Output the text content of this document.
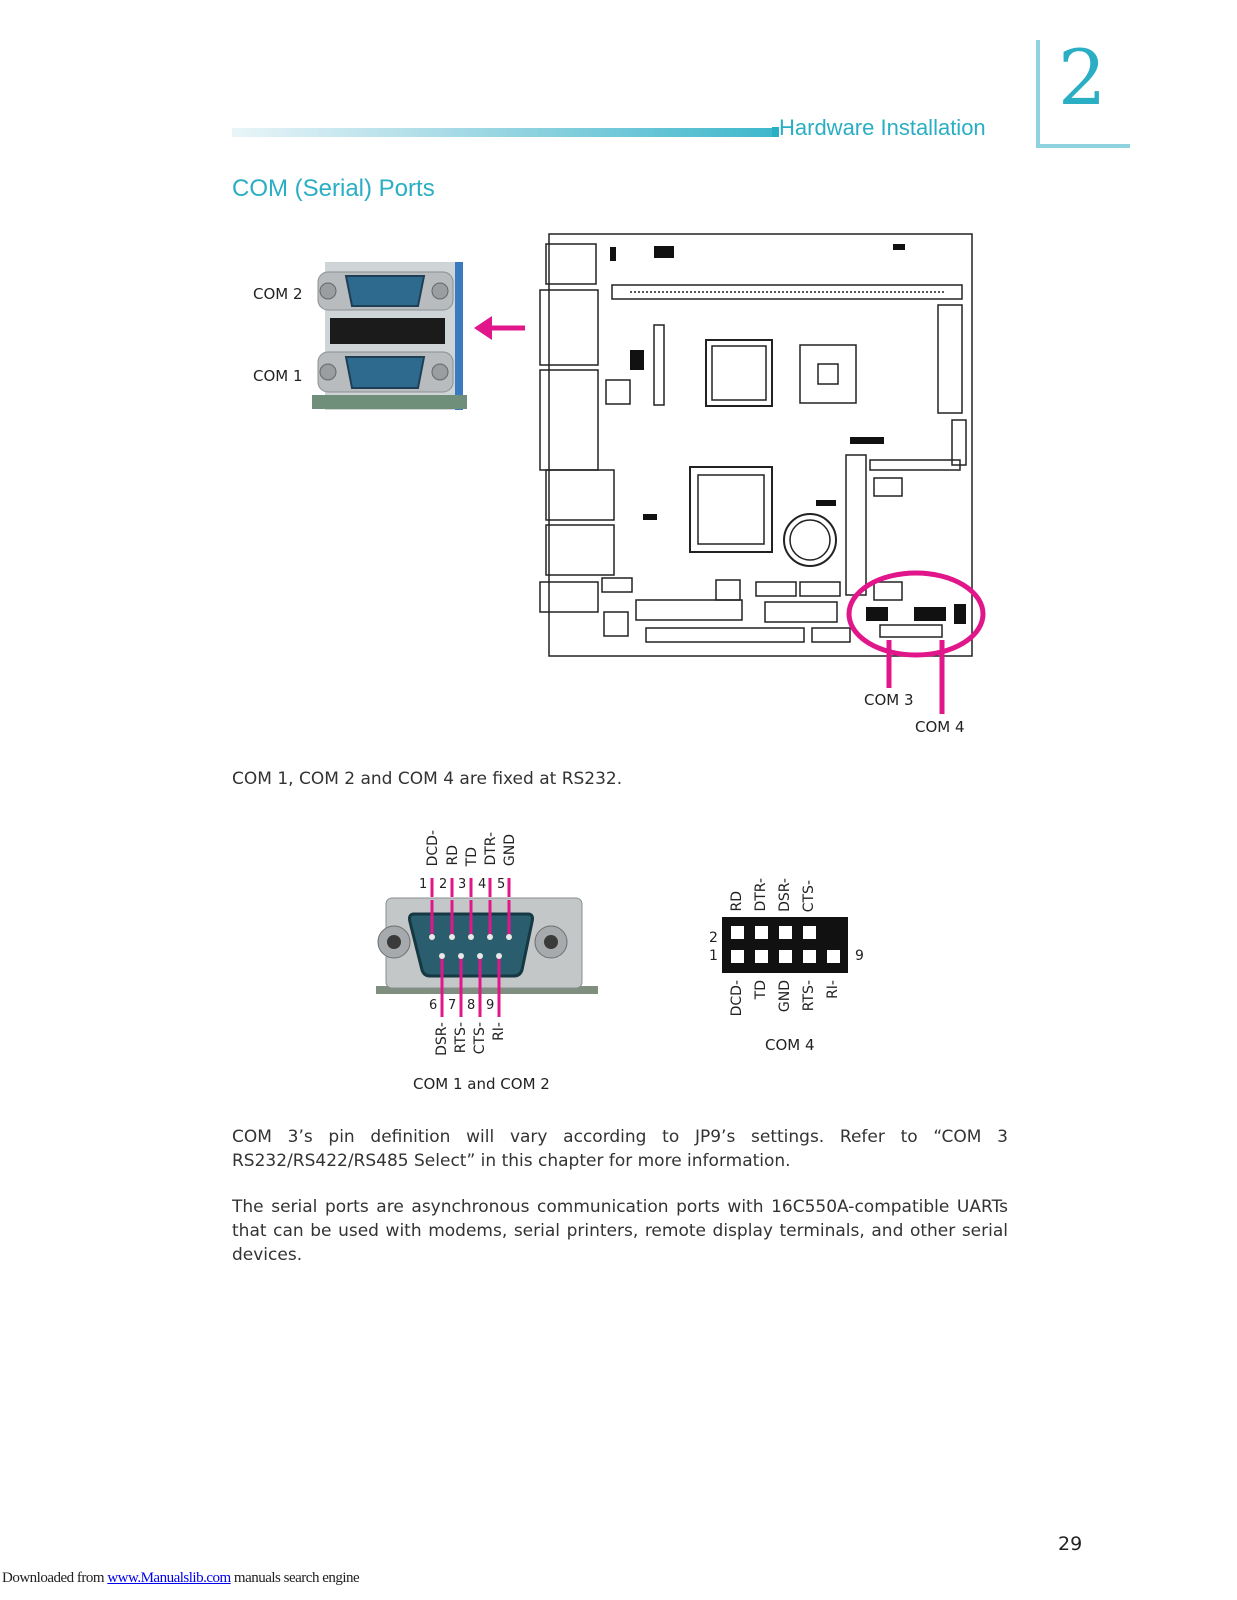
Hardware Installation
2
COM (Serial) Ports
COM 2
COM 1
COM 3
COM 4
COM 1, COM 2 and COM 4 are fixed at RS232.
1 2 3 4 5
6 7 8 9
DCD- RD TD DTR- GND
DSR- RTS- CTS- RI-
COM 1 and COM 2
RD DTR- DSR- CTS-
DCD- TD GND RTS- RI-
2
1	9
COM 4
COM 3’s pin definition will vary according to JP9’s settings. Refer to “COM 3 RS232/RS422/RS485 Select” in this chapter for more information.
The serial ports are asynchronous communication ports with 16C550A-compatible UARTs that can be used with modems, serial printers, remote display terminals, and other serial devices.
29
Downloaded from www.Manualslib.com manuals search engine
